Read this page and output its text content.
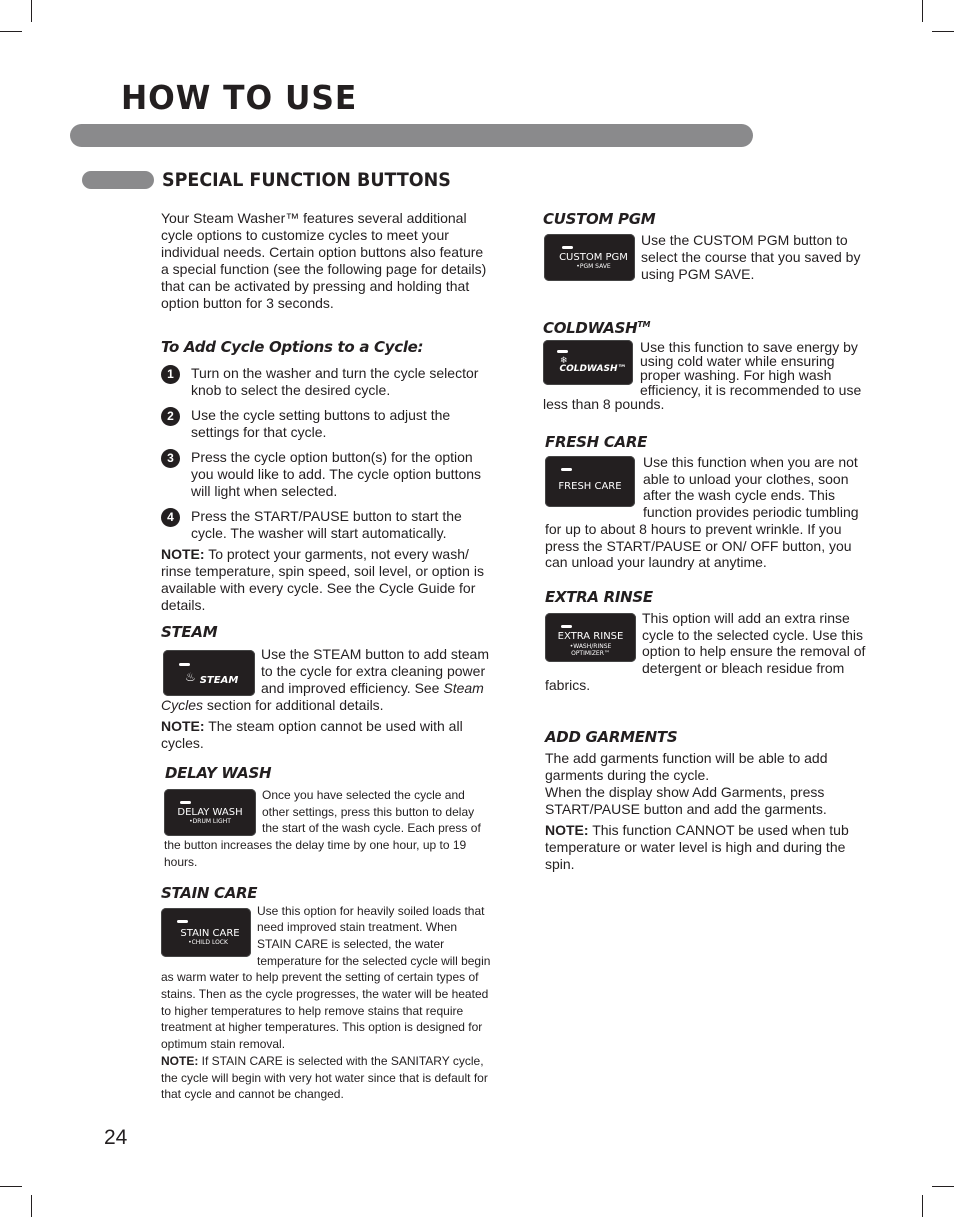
HOW TO USE
SPECIAL FUNCTION BUTTONS

Your Steam Washer™ features several additional cycle options to customize cycles to meet your individual needs. Certain option buttons also feature a special function (see the following page for details) that can be activated by pressing and holding that option button for 3 seconds.

To Add Cycle Options to a Cycle:

1	Turn on the washer and turn the cycle selector knob to select the desired cycle.

2	Use the cycle setting buttons to adjust the settings for that cycle.

3	Press the cycle option button(s) for the option you would like to add. The cycle option buttons will light when selected.

4	Press the START/PAUSE button to start the cycle. The washer will start automatically.

NOTE: To protect your garments, not every wash/ rinse temperature, spin speed, soil level, or option is available with every cycle. See the Cycle Guide for details.

STEAM

STEAM
♨

Use the STEAM button to add steam to the cycle for extra cleaning power and improved efficiency. See Steam Cycles section for additional details.

NOTE: The steam option cannot be used with all cycles.

DELAY WASH

DELAY WASH
•DRUM LIGHT

Once you have selected the cycle and other settings, press this button to delay the start of the wash cycle. Each press of the button increases the delay time by one hour, up to 19 hours.

STAIN CARE

STAIN CARE
•CHILD LOCK

Use this option for heavily soiled loads that need improved stain treatment. When STAIN CARE is selected, the water temperature for the selected cycle will begin as warm water to help prevent the setting of certain types of stains. Then as the cycle progresses, the water will be heated to higher temperatures to help remove stains that require treatment at higher temperatures. This option is designed for optimum stain removal.

NOTE: If STAIN CARE is selected with the SANITARY cycle, the cycle will begin with very hot water since that is default for that cycle and cannot be changed.

CUSTOM PGM

CUSTOM PGM
•PGM SAVE

Use the CUSTOM PGM button to select the course that you saved by using PGM SAVE.

COLDWASH™

❄
COLDWASH™

Use this function to save energy by using cold water while ensuring proper washing. For high wash efficiency, it is recommended to use less than 8 pounds.

FRESH CARE

FRESH CARE

Use this function when you are not able to unload your clothes, soon after the wash cycle ends. This function provides periodic tumbling for up to about 8 hours to prevent wrinkle. If you press the START/PAUSE or ON/ OFF button, you can unload your laundry at anytime.

EXTRA RINSE

EXTRA RINSE
•WASH/RINSE OPTIMIZER™

This option will add an extra rinse cycle to the selected cycle. Use this option to help ensure the removal of detergent or bleach residue from fabrics.

ADD GARMENTS

The add garments function will be able to add garments during the cycle.

When the display show Add Garments, press START/PAUSE button and add the garments.

NOTE: This function CANNOT be used when tub temperature or water level is high and during the spin.

24
